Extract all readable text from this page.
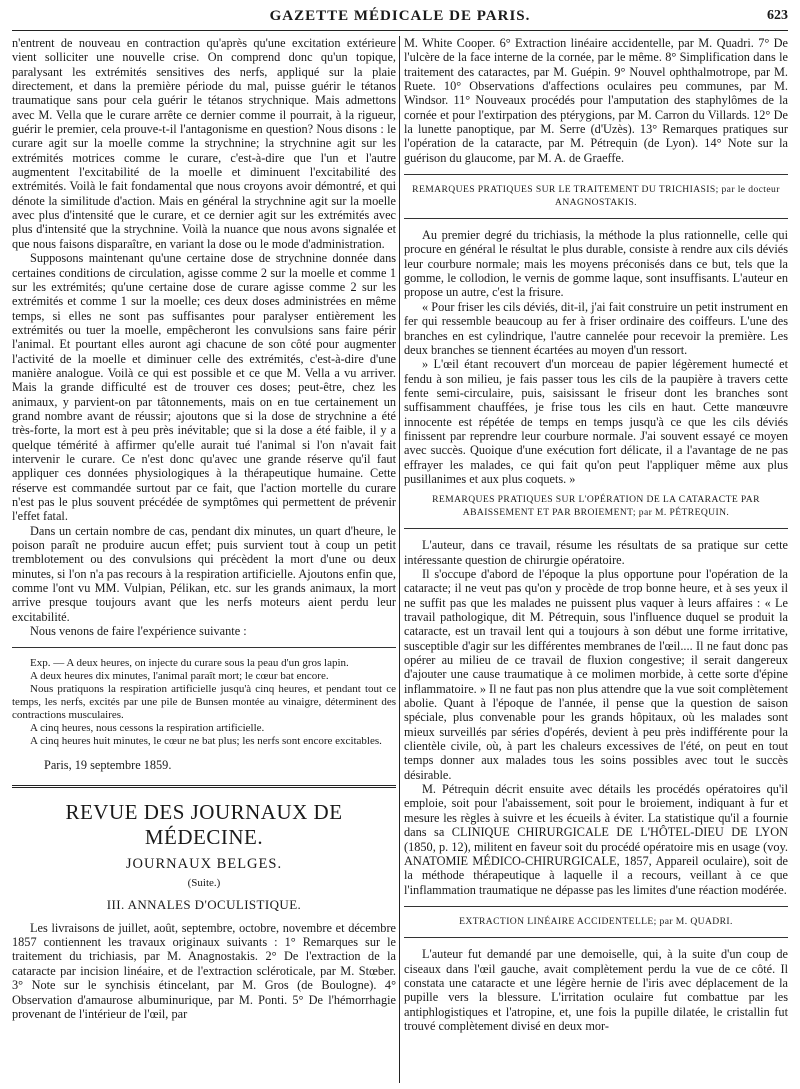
GAZETTE MÉDICALE DE PARIS.	623

n'entrent de nouveau en contraction qu'après qu'une excitation extérieure vient solliciter une nouvelle crise. On comprend donc qu'un topique, paralysant les extrémités sensitives des nerfs, appliqué sur la plaie directement, et dans la première période du mal, puisse guérir le tétanos traumatique sans pour cela guérir le tétanos strychnique. Mais admettons avec M. Vella que le curare arrête ce dernier comme il pourrait, à la rigueur, guérir le premier, cela prouve-t-il l'antagonisme en question? Nous disons : le curare agit sur la moelle comme la strychnine; la strychnine agit sur les extrémités motrices comme le curare, c'est-à-dire que l'un et l'autre augmentent l'excitabilité de la moelle et diminuent l'excitabilité des extrémités. Voilà le fait fondamental que nous croyons avoir démontré, et qui dénote la similitude d'action. Mais en général la strychnine agit sur la moelle avec plus d'intensité que le curare, et ce dernier agit sur les extrémités avec plus d'intensité que la strychnine. Voilà la nuance que nous avons signalée et que nous faisons disparaître, en variant la dose ou le mode d'administration.

Supposons maintenant qu'une certaine dose de strychnine donnée dans certaines conditions de circulation, agisse comme 2 sur la moelle et comme 1 sur les extrémités; qu'une certaine dose de curare agisse comme 2 sur les extrémités et comme 1 sur la moelle; ces deux doses administrées en même temps, si elles ne sont pas suffisantes pour paralyser entièrement les extrémités ou tuer la moelle, empêcheront les convulsions sans faire périr l'animal. Et pourtant elles auront agi chacune de son côté pour augmenter l'activité de la moelle et diminuer celle des extrémités, c'est-à-dire d'une manière analogue. Voilà ce qui est possible et ce que M. Vella a vu arriver. Mais la grande difficulté est de trouver ces doses; peut-être, chez les animaux, y parvient-on par tâtonnements, mais on en tue certainement un grand nombre avant de réussir; ajoutons que si la dose de strychnine a été très-forte, la mort est à peu près inévitable; que si la dose a été faible, il y a quelque témérité à affirmer qu'elle aurait tué l'animal si l'on n'avait fait intervenir le curare. Ce n'est donc qu'avec une grande réserve qu'il faut appliquer ces données physiologiques à la thérapeutique humaine. Cette réserve est commandée surtout par ce fait, que l'action mortelle du curare n'est pas le plus souvent précédée de symptômes qui permettent de prévenir l'effet fatal.

Dans un certain nombre de cas, pendant dix minutes, un quart d'heure, le poison paraît ne produire aucun effet; puis survient tout à coup un petit tremblotement ou des convulsions qui précèdent la mort d'une ou deux minutes, si l'on n'a pas recours à la respiration artificielle. Ajoutons enfin que, comme l'ont vu MM. Vulpian, Pélikan, etc. sur les grands animaux, la mort arrive presque toujours avant que les nerfs moteurs aient perdu leur excitabilité.

Nous venons de faire l'expérience suivante :

Exp. — A deux heures, on injecte du curare sous la peau d'un gros lapin.

A deux heures dix minutes, l'animal paraît mort; le cœur bat encore.

Nous pratiquons la respiration artificielle jusqu'à cinq heures, et pendant tout ce temps, les nerfs, excités par une pile de Bunsen montée au vinaigre, déterminent des contractions musculaires.

A cinq heures, nous cessons la respiration artificielle.

A cinq heures huit minutes, le cœur ne bat plus; les nerfs sont encore excitables.

Paris, 19 septembre 1859.

REVUE DES JOURNAUX DE MÉDECINE.
JOURNAUX BELGES.
(Suite.)
III. ANNALES D'OCULISTIQUE.

Les livraisons de juillet, août, septembre, octobre, novembre et décembre 1857 contiennent les travaux originaux suivants : 1° Remarques sur le traitement du trichiasis, par M. Anagnostakis. 2° De l'extraction de la cataracte par incision linéaire, et de l'extraction scléroticale, par M. Stœber. 3° Note sur le synchisis étincelant, par M. Gros (de Boulogne). 4° Observation d'amaurose albuminurique, par M. Ponti. 5° De l'hémorrhagie provenant de l'intérieur de l'œil, par

M. White Cooper. 6° Extraction linéaire accidentelle, par M. Quadri. 7° De l'ulcère de la face interne de la cornée, par le même. 8° Simplification dans le traitement des cataractes, par M. Guépin. 9° Nouvel ophthalmotrope, par M. Ruete. 10° Observations d'affections oculaires peu communes, par M. Windsor. 11° Nouveaux procédés pour l'amputation des staphylômes de la cornée et pour l'extirpation des ptérygions, par M. Carron du Villards. 12° De la lunette panoptique, par M. Serre (d'Uzès). 13° Remarques pratiques sur l'opération de la cataracte, par M. Pétrequin (de Lyon). 14° Note sur la guérison du glaucome, par M. A. de Graeffe.

REMARQUES PRATIQUES SUR LE TRAITEMENT DU TRICHIASIS; par le docteur ANAGNOSTAKIS.

Au premier degré du trichiasis, la méthode la plus rationnelle, celle qui procure en général le résultat le plus durable, consiste à rendre aux cils déviés leur courbure normale; mais les moyens préconisés dans ce but, tels que la gomme, le collodion, le vernis de gomme laque, sont insuffisants. L'auteur en propose un autre, c'est la frisure.

« Pour friser les cils déviés, dit-il, j'ai fait construire un petit instrument en fer qui ressemble beaucoup au fer à friser ordinaire des coiffeurs. L'une des branches en est cylindrique, l'autre cannelée pour recevoir la première. Les deux branches se tiennent écartées au moyen d'un ressort.

» L'œil étant recouvert d'un morceau de papier légèrement humecté et fendu à son milieu, je fais passer tous les cils de la paupière à travers cette fente semi-circulaire, puis, saisissant le friseur dont les branches sont suffisamment chauffées, je frise tous les cils en haut. Cette manœuvre innocente est répétée de temps en temps jusqu'à ce que les cils déviés finissent par reprendre leur courbure normale. J'ai souvent essayé ce moyen avec succès. Quoique d'une exécution fort délicate, il a l'avantage de ne pas effrayer les malades, ce qui fait qu'on peut l'appliquer même aux plus pusillanimes et aux plus coquets. »

REMARQUES PRATIQUES SUR L'OPÉRATION DE LA CATARACTE PAR ABAISSEMENT ET PAR BROIEMENT; par M. PÉTREQUIN.

L'auteur, dans ce travail, résume les résultats de sa pratique sur cette intéressante question de chirurgie opératoire.

Il s'occupe d'abord de l'époque la plus opportune pour l'opération de la cataracte; il ne veut pas qu'on y procède de trop bonne heure, et à ses yeux il ne suffit pas que les malades ne puissent plus vaquer à leurs affaires : « Le travail pathologique, dit M. Pétrequin, sous l'influence duquel se produit la cataracte, est un travail lent qui a toujours à son début une forme irritative, susceptible d'agir sur les différentes membranes de l'œil.... Il ne faut donc pas opérer au milieu de ce travail de fluxion congestive; il serait dangereux d'ajouter une cause traumatique à ce molimen morbide, à cette sorte d'épine inflammatoire. » Il ne faut pas non plus attendre que la vue soit complètement abolie. Quant à l'époque de l'année, il pense que la question de saison spéciale, plus convenable pour les grands hôpitaux, où les malades sont mieux surveillés par séries d'opérés, devient à peu près indifférente pour la clientèle civile, où, à part les chaleurs excessives de l'été, on peut en tout temps donner aux malades tous les soins possibles avec tout le succès désirable.

M. Pétrequin décrit ensuite avec détails les procédés opératoires qu'il emploie, soit pour l'abaissement, soit pour le broiement, indiquant à fur et mesure les règles à suivre et les écueils à éviter. La statistique qu'il a fournie dans sa CLINIQUE CHIRURGICALE DE L'HÔTEL-DIEU DE LYON (1850, p. 12), militent en faveur soit du procédé opératoire mis en usage (voy. ANATOMIE MÉDICO-CHIRURGICALE, 1857, Appareil oculaire), soit de la méthode thérapeutique à laquelle il a recours, veillant à ce que l'inflammation traumatique ne dépasse pas les limites d'une réaction modérée.

EXTRACTION LINÉAIRE ACCIDENTELLE; par M. QUADRI.

L'auteur fut demandé par une demoiselle, qui, à la suite d'un coup de ciseaux dans l'œil gauche, avait complètement perdu la vue de ce côté. Il constata une cataracte et une légère hernie de l'iris avec déplacement de la pupille vers la blessure. L'irritation oculaire fut combattue par les antiphlogistiques et l'atropine, et, une fois la pupille dilatée, le cristallin fut trouvé complètement divisé en deux mor-
